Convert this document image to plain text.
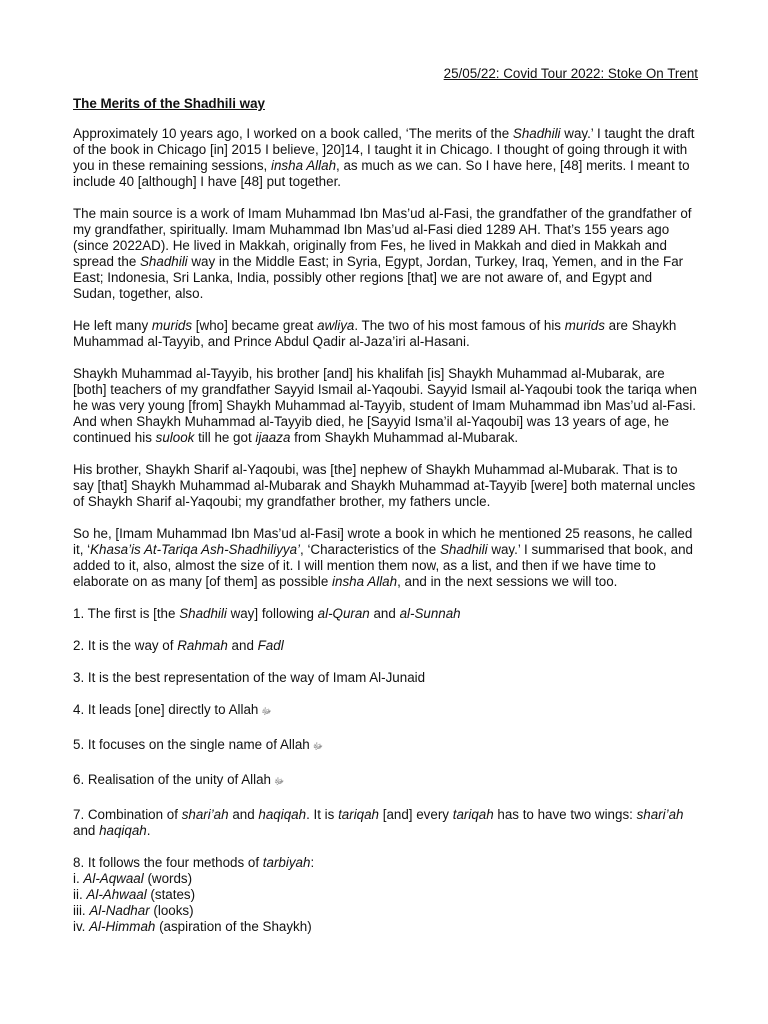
25/05/22: Covid Tour 2022: Stoke On Trent
The Merits of the Shadhili way

Approximately 10 years ago, I worked on a book called, ‘The merits of the Shadhili way.’ I taught the draft of the book in Chicago [in] 2015 I believe, ]20]14, I taught it in Chicago. I thought of going through it with you in these remaining sessions, insha Allah, as much as we can. So I have here, [48] merits. I meant to include 40 [although] I have [48] put together.

The main source is a work of Imam Muhammad Ibn Mas’ud al-Fasi, the grandfather of the grandfather of my grandfather, spiritually. Imam Muhammad Ibn Mas’ud al-Fasi died 1289 AH. That’s 155 years ago (since 2022AD). He lived in Makkah, originally from Fes, he lived in Makkah and died in Makkah and spread the Shadhili way in the Middle East; in Syria, Egypt, Jordan, Turkey, Iraq, Yemen, and in the Far East; Indonesia, Sri Lanka, India, possibly other regions [that] we are not aware of, and Egypt and Sudan, together, also.

He left many murids [who] became great awliya. The two of his most famous of his murids are Shaykh Muhammad al-Tayyib, and Prince Abdul Qadir al-Jaza’iri al-Hasani.

Shaykh Muhammad al-Tayyib, his brother [and] his khalifah [is] Shaykh Muhammad al-Mubarak, are [both] teachers of my grandfather Sayyid Ismail al-Yaqoubi. Sayyid Ismail al-Yaqoubi took the tariqa when he was very young [from] Shaykh Muhammad al-Tayyib, student of Imam Muhammad ibn Mas’ud al-Fasi. And when Shaykh Muhammad al-Tayyib died, he [Sayyid Isma’il al-Yaqoubi] was 13 years of age, he continued his sulook till he got ijaaza from Shaykh Muhammad al-Mubarak.

His brother, Shaykh Sharif al-Yaqoubi, was [the] nephew of Shaykh Muhammad al-Mubarak. That is to say [that] Shaykh Muhammad al-Mubarak and Shaykh Muhammad at-Tayyib [were] both maternal uncles of Shaykh Sharif al-Yaqoubi; my grandfather brother, my fathers uncle.

So he, [Imam Muhammad Ibn Mas’ud al-Fasi] wrote a book in which he mentioned 25 reasons, he called it, ‘Khasa’is At-Tariqa Ash-Shadhiliyya’, ‘Characteristics of the Shadhili way.’ I summarised that book, and added to it, also, almost the size of it. I will mention them now, as a list, and then if we have time to elaborate on as many [of them] as possible insha Allah, and in the next sessions we will too.

1. The first is [the Shadhili way] following al-Quran and al-Sunnah
2. It is the way of Rahmah and Fadl
3. It is the best representation of the way of Imam Al-Junaid
4. It leads [one] directly to Allah ﷻ
5. It focuses on the single name of Allah ﷻ
6. Realisation of the unity of Allah ﷻ
7. Combination of shari’ah and haqiqah. It is tariqah [and] every tariqah has to have two wings: shari’ah and haqiqah.
8. It follows the four methods of tarbiyah:
i. Al-Aqwaal (words)
ii. Al-Ahwaal (states)
iii. Al-Nadhar (looks)
iv. Al-Himmah (aspiration of the Shaykh)
